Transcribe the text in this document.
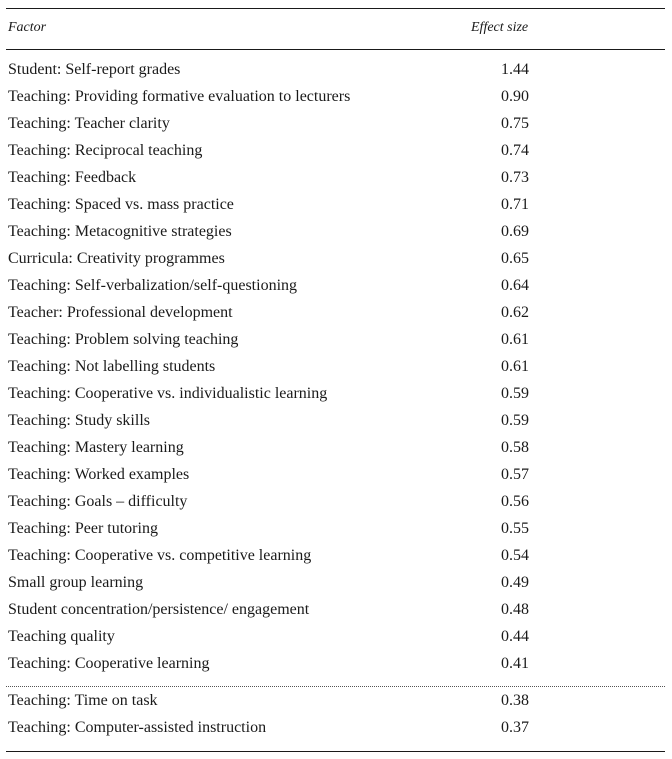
Factor	Effect size
Student: Self-report grades	1.44
Teaching: Providing formative evaluation to lecturers	0.90
Teaching: Teacher clarity	0.75
Teaching: Reciprocal teaching	0.74
Teaching: Feedback	0.73
Teaching: Spaced vs. mass practice	0.71
Teaching: Metacognitive strategies	0.69
Curricula: Creativity programmes	0.65
Teaching: Self-verbalization/self-questioning	0.64
Teacher: Professional development	0.62
Teaching: Problem solving teaching	0.61
Teaching: Not labelling students	0.61
Teaching: Cooperative vs. individualistic learning	0.59
Teaching: Study skills	0.59
Teaching: Mastery learning	0.58
Teaching: Worked examples	0.57
Teaching: Goals – difficulty	0.56
Teaching: Peer tutoring	0.55
Teaching: Cooperative vs. competitive learning	0.54
Small group learning	0.49
Student concentration/persistence/ engagement	0.48
Teaching quality	0.44
Teaching: Cooperative learning	0.41
Teaching: Time on task	0.38
Teaching: Computer-assisted instruction	0.37
